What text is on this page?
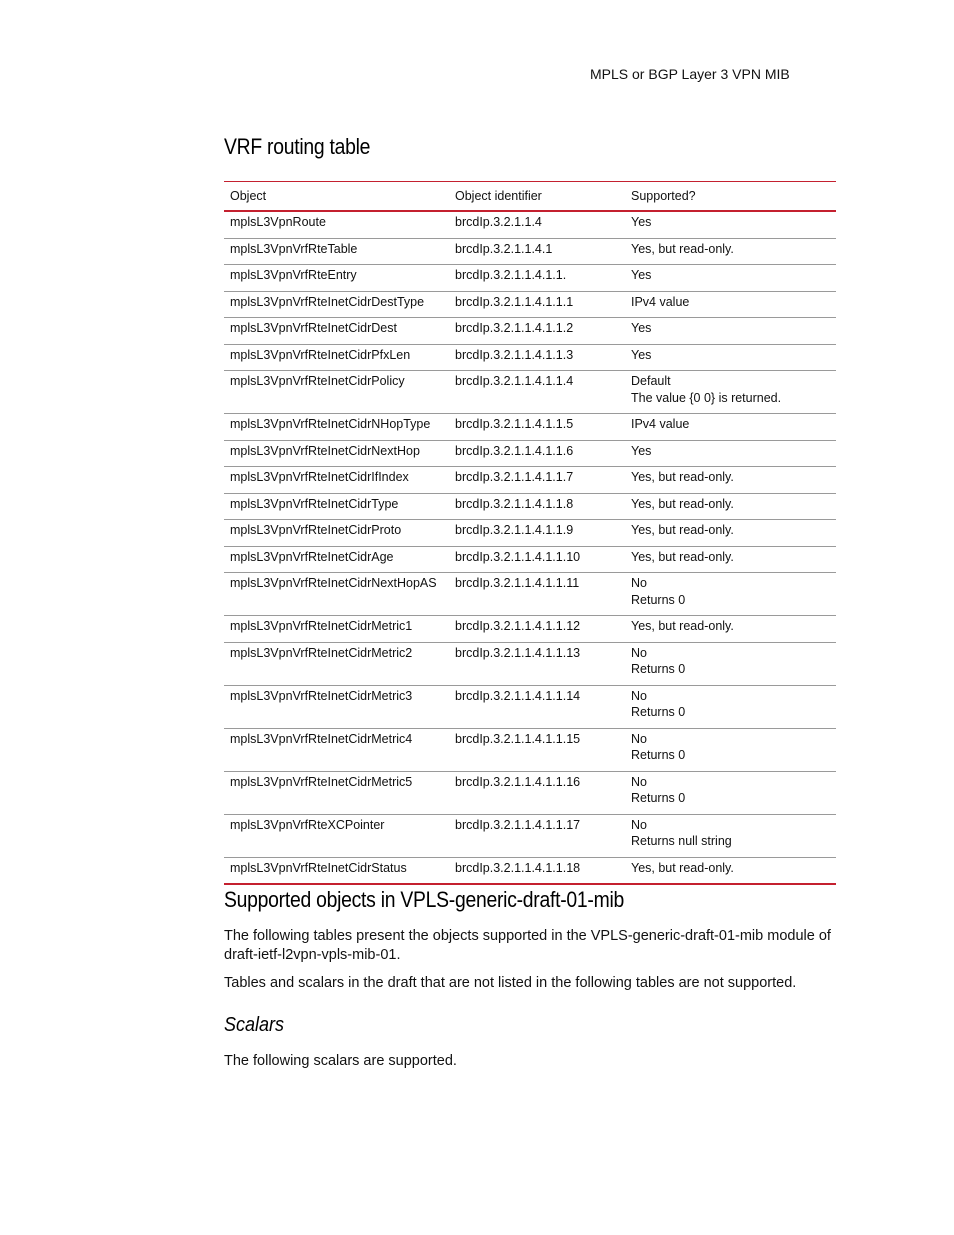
MPLS or BGP Layer 3 VPN MIB
VRF routing table
Object	Object identifier	Supported?
mplsL3VpnRoute	brcdIp.3.2.1.1.4	Yes
mplsL3VpnVrfRteTable	brcdIp.3.2.1.1.4.1	Yes, but read-only.
mplsL3VpnVrfRteEntry	brcdIp.3.2.1.1.4.1.1.	Yes
mplsL3VpnVrfRteInetCidrDestType	brcdIp.3.2.1.1.4.1.1.1	IPv4 value
mplsL3VpnVrfRteInetCidrDest	brcdIp.3.2.1.1.4.1.1.2	Yes
mplsL3VpnVrfRteInetCidrPfxLen	brcdIp.3.2.1.1.4.1.1.3	Yes
mplsL3VpnVrfRteInetCidrPolicy	brcdIp.3.2.1.1.4.1.1.4	Default
The value {0 0} is returned.

mplsL3VpnVrfRteInetCidrNHopType	brcdIp.3.2.1.1.4.1.1.5	IPv4 value
mplsL3VpnVrfRteInetCidrNextHop	brcdIp.3.2.1.1.4.1.1.6	Yes
mplsL3VpnVrfRteInetCidrIfIndex	brcdIp.3.2.1.1.4.1.1.7	Yes, but read-only.
mplsL3VpnVrfRteInetCidrType	brcdIp.3.2.1.1.4.1.1.8	Yes, but read-only.
mplsL3VpnVrfRteInetCidrProto	brcdIp.3.2.1.1.4.1.1.9	Yes, but read-only.
mplsL3VpnVrfRteInetCidrAge	brcdIp.3.2.1.1.4.1.1.10	Yes, but read-only.
mplsL3VpnVrfRteInetCidrNextHopAS	brcdIp.3.2.1.1.4.1.1.11	No
Returns 0

mplsL3VpnVrfRteInetCidrMetric1	brcdIp.3.2.1.1.4.1.1.12	Yes, but read-only.
mplsL3VpnVrfRteInetCidrMetric2	brcdIp.3.2.1.1.4.1.1.13	No
Returns 0

mplsL3VpnVrfRteInetCidrMetric3	brcdIp.3.2.1.1.4.1.1.14	No
Returns 0

mplsL3VpnVrfRteInetCidrMetric4	brcdIp.3.2.1.1.4.1.1.15	No
Returns 0

mplsL3VpnVrfRteInetCidrMetric5	brcdIp.3.2.1.1.4.1.1.16	No
Returns 0

mplsL3VpnVrfRteXCPointer	brcdIp.3.2.1.1.4.1.1.17	No
Returns null string

mplsL3VpnVrfRteInetCidrStatus	brcdIp.3.2.1.1.4.1.1.18	Yes, but read-only.
Supported objects in VPLS-generic-draft-01-mib

The following tables present the objects supported in the VPLS-generic-draft-01-mib module of draft-ietf-l2vpn-vpls-mib-01.

Tables and scalars in the draft that are not listed in the following tables are not supported.

Scalars

The following scalars are supported.
